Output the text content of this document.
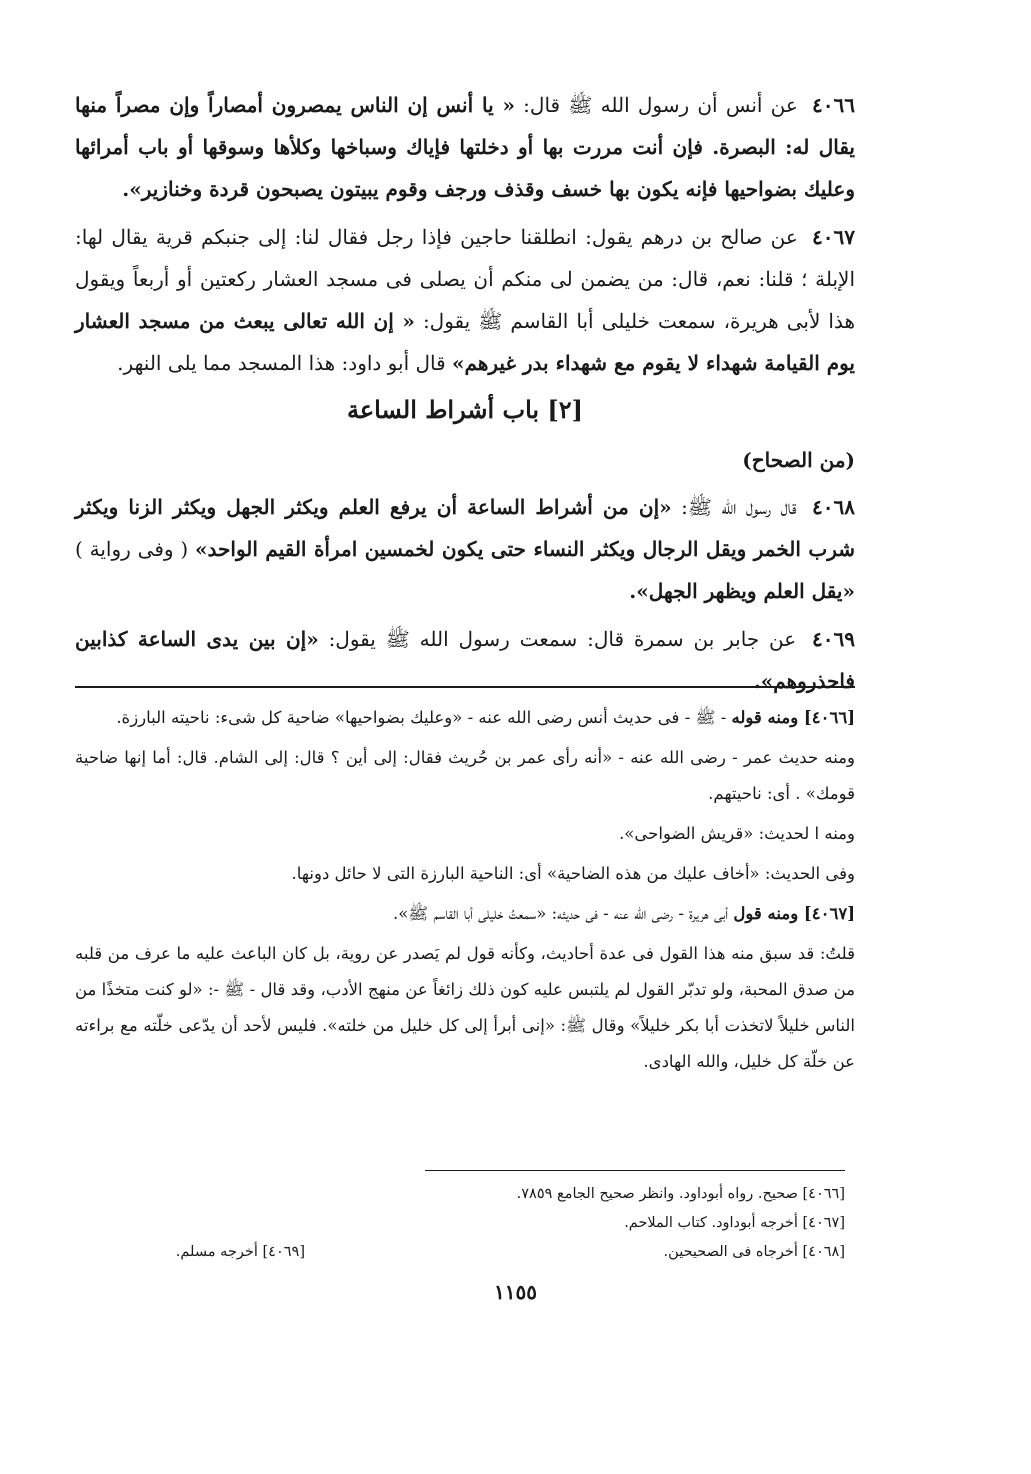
٤٠٦٦ عن أنس أن رسول الله ﷺ قال: « يا أنس إن الناس يمصرون أمصاراً وإن مصراً منها يقال له: البصرة. فإن أنت مررت بها أو دخلتها فإياك وسباخها وكلأها وسوقها أو باب أمرائها وعليك بضواحيها فإنه يكون بها خسف وقذف ورجف وقوم يبيتون يصبحون قردة وخنازير».

٤٠٦٧ عن صالح بن درهم يقول: انطلقنا حاجين فإذا رجل فقال لنا: إلى جنبكم قرية يقال لها: الإبلة ؛ قلنا: نعم، قال: من يضمن لى منكم أن يصلى فى مسجد العشار ركعتين أو أربعاً ويقول هذا لأبى هريرة، سمعت خليلى أبا القاسم ﷺ يقول: « إن الله تعالى يبعث من مسجد العشار يوم القيامة شهداء لا يقوم مع شهداء بدر غيرهم» قال أبو داود: هذا المسجد مما يلى النهر.

[٢] باب أشراط الساعة
(من الصحاح)

٤٠٦٨ قال رسول الله ﷺ: «إن من أشراط الساعة أن يرفع العلم ويكثر الجهل ويكثر الزنا ويكثر شرب الخمر ويقل الرجال ويكثر النساء حتى يكون لخمسين امرأة القيم الواحد» ( وفى رواية ) «يقل العلم ويظهر الجهل».

٤٠٦٩ عن جابر بن سمرة قال: سمعت رسول الله ﷺ يقول: «إن بين يدى الساعة كذابين فاحذروهم».

[٤٠٦٦] ومنه قوله - ﷺ - فى حديث أنس رضى الله عنه - «وعليك بضواحيها» ضاحية كل شىء: ناحيته البارزة.

ومنه حديث عمر - رضى الله عنه - «أنه رأى عمر بن حُريث فقال: إلى أين ؟ قال: إلى الشام. قال: أما إنها ضاحية قومك» . أى: ناحيتهم.

ومنه ا لحديث: «قريش الضواحى».

وفى الحديث: «أخاف عليك من هذه الضاحية» أى: الناحية البارزة التى لا حائل دونها.

[٤٠٦٧] ومنه قول أبى هريرة - رضى الله عنه - فى حديثه: «سمعتُ خليلى أبا القاسم ﷺ».

قلتُ: قد سبق منه هذا القول فى عدة أحاديث، وكأنه قول لم يَصدر عن روية، بل كان الباعث عليه ما عرف من قلبه من صدق المحبة، ولو تدبّر القول لم يلتبس عليه كون ذلك زائغاً عن منهج الأدب، وقد قال - ﷺ -: «لو كنت متخذًا من الناس خليلاً لاتخذت أبا بكر خليلاً» وقال ﷺ: «إنى أبرأ إلى كل خليل من خلته». فليس لأحد أن يدّعى خلّته مع براءته عن خلّة كل خليل، والله الهادى.

[٤٠٦٦] صحيح. رواه أبوداود. وانظر صحيح الجامع ٧٨٥٩.
[٤٠٦٧] أخرجه أبوداود. كتاب الملاحم.
[٤٠٦٨] أخرجاه فى الصحيحين.
[٤٠٦٩] أخرجه مسلم.
١١٥٥
